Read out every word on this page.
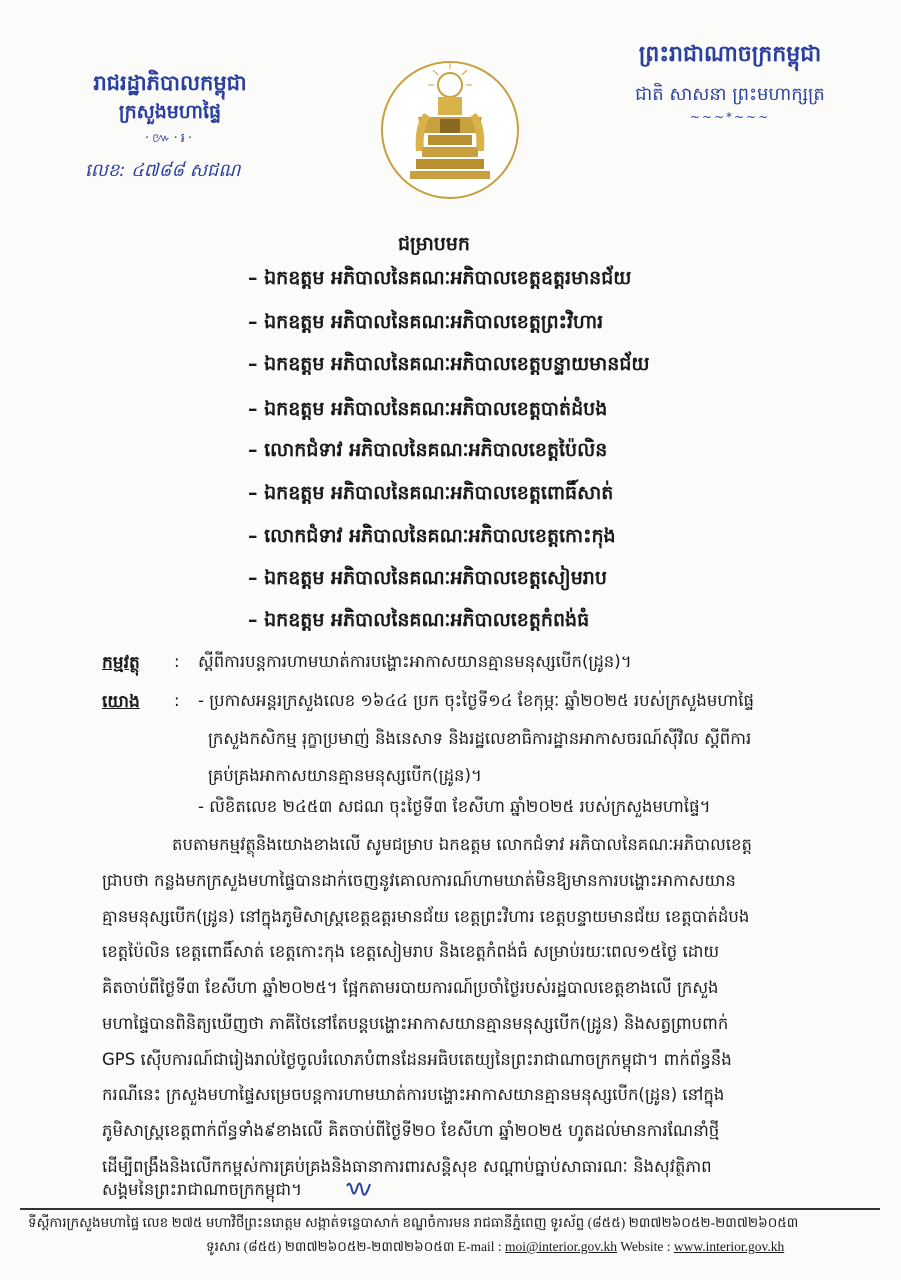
រាជរដ្ឋាភិបាលកម្ពុជា
ក្រសួងមហាផ្ទៃ
·៚·៛·
លេខ: ៤៧៨៨ សជណ
ព្រះរាជាណាចក្រកម្ពុជា
ជាតិ សាសនា ព្រះមហាក្សត្រ
~~~*~~~
ជម្រាបមក
– ឯកឧត្តម អភិបាលនៃគណៈអភិបាលខេត្តឧត្តរមានជ័យ
– ឯកឧត្តម អភិបាលនៃគណៈអភិបាលខេត្តព្រះវិហារ
– ឯកឧត្តម អភិបាលនៃគណៈអភិបាលខេត្តបន្ទាយមានជ័យ
– ឯកឧត្តម អភិបាលនៃគណៈអភិបាលខេត្តបាត់ដំបង
– លោកជំទាវ អភិបាលនៃគណៈអភិបាលខេត្តប៉ៃលិន
– ឯកឧត្តម អភិបាលនៃគណៈអភិបាលខេត្តពោធិ៍សាត់
– លោកជំទាវ អភិបាលនៃគណៈអភិបាលខេត្តកោះកុង
– ឯកឧត្តម អភិបាលនៃគណៈអភិបាលខេត្តសៀមរាប
– ឯកឧត្តម អភិបាលនៃគណៈអភិបាលខេត្តកំពង់ធំ
កម្មវត្ថុ : ស្តីពីការបន្តការហាមឃាត់ការបង្ហោះអាកាសយានគ្មានមនុស្សបើក(ដ្រូន)។
យោង : - ប្រកាសអន្តរក្រសួងលេខ ១៦៤៤ ប្រក ចុះថ្ងៃទី១៤ ខែកុម្ភៈ ឆ្នាំ២០២៥ របស់ក្រសួងមហាផ្ទៃ
ក្រសួងកសិកម្ម រុក្ខាប្រមាញ់ និងនេសាទ និងរដ្ឋលេខាធិការដ្ឋានអាកាសចរណ៍ស៊ីវិល ស្តីពីការ
គ្រប់គ្រងអាកាសយានគ្មានមនុស្សបើក(ដ្រូន)។
- លិខិតលេខ ២៤៥៣ សជណ ចុះថ្ងៃទី៣ ខែសីហា ឆ្នាំ២០២៥ របស់ក្រសួងមហាផ្ទៃ។
តបតាមកម្មវត្ថុនិងយោងខាងលើ សូមជម្រាប ឯកឧត្តម លោកជំទាវ អភិបាលនៃគណៈអភិបាលខេត្ត
ជ្រាបថា កន្លងមកក្រសួងមហាផ្ទៃបានដាក់ចេញនូវគោលការណ៍ហាមឃាត់មិនឱ្យមានការបង្ហោះអាកាសយាន
គ្មានមនុស្សបើក(ដ្រូន) នៅក្នុងភូមិសាស្ត្រខេត្តឧត្តរមានជ័យ ខេត្តព្រះវិហារ ខេត្តបន្ទាយមានជ័យ ខេត្តបាត់ដំបង
ខេត្តប៉ៃលិន ខេត្តពោធិ៍សាត់ ខេត្តកោះកុង ខេត្តសៀមរាប និងខេត្តកំពង់ធំ សម្រាប់រយៈពេល១៥ថ្ងៃ ដោយ
គិតចាប់ពីថ្ងៃទី៣ ខែសីហា ឆ្នាំ២០២៥។ ផ្អែកតាមរបាយការណ៍ប្រចាំថ្ងៃរបស់រដ្ឋបាលខេត្តខាងលើ ក្រសួង
មហាផ្ទៃបានពិនិត្យឃើញថា ភាគីថៃនៅតែបន្តបង្ហោះអាកាសយានគ្មានមនុស្សបើក(ដ្រូន) និងសត្វព្រាបពាក់
GPS ស៊ើបការណ៍ជារៀងរាល់ថ្ងៃចូលរំលោភបំពានដែនអធិបតេយ្យនៃព្រះរាជាណាចក្រកម្ពុជា។ ពាក់ព័ន្ធនឹង
ករណីនេះ ក្រសួងមហាផ្ទៃសម្រេចបន្តការហាមឃាត់ការបង្ហោះអាកាសយានគ្មានមនុស្សបើក(ដ្រូន) នៅក្នុង
ភូមិសាស្ត្រខេត្តពាក់ព័ន្ធទាំង៩ខាងលើ គិតចាប់ពីថ្ងៃទី២០ ខែសីហា ឆ្នាំ២០២៥ ហូតដល់មានការណែនាំថ្មី
ដើម្បីពង្រឹងនិងលើកកម្ពស់ការគ្រប់គ្រងនិងធានាការពារសន្តិសុខ សណ្តាប់ធ្នាប់សាធារណៈ និងសុវត្ថិភាព
សង្គមនៃព្រះរាជាណាចក្រកម្ពុជា។
ទីស្តីការក្រសួងមហាផ្ទៃ លេខ ២៧៥ មហាវិថីព្រះនរោត្តម សង្កាត់ទន្លេបាសាក់ ខណ្ឌចំការមន រាជធានីភ្នំពេញ ទូរស័ព្ទ (៨៥៥) ២៣៧២៦០៥២-២៣៧២៦០៥៣
ទូរសារ (៨៥៥) ២៣៧២៦០៥២-២៣៧២៦០៥៣ E-mail : moi@interior.gov.kh Website : www.interior.gov.kh
